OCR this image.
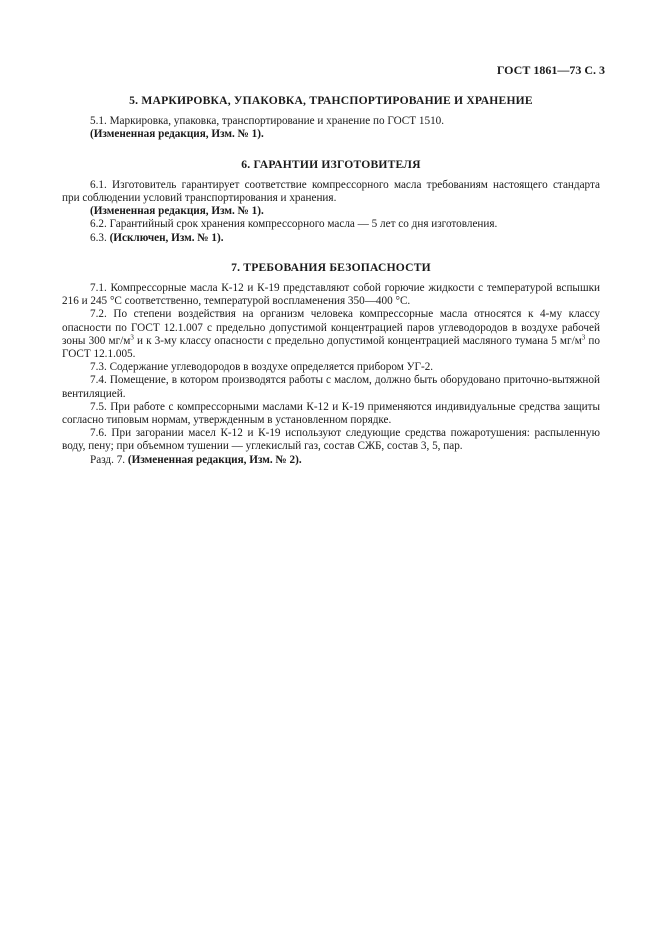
ГОСТ 1861—73 С. 3
5. МАРКИРОВКА, УПАКОВКА, ТРАНСПОРТИРОВАНИЕ И ХРАНЕНИЕ

5.1. Маркировка, упаковка, транспортирование и хранение по ГОСТ 1510.

(Измененная редакция, Изм. № 1).

6. ГАРАНТИИ ИЗГОТОВИТЕЛЯ

6.1. Изготовитель гарантирует соответствие компрессорного масла требованиям настоящего стандарта при соблюдении условий транспортирования и хранения.

(Измененная редакция, Изм. № 1).

6.2. Гарантийный срок хранения компрессорного масла — 5 лет со дня изготовления.

6.3. (Исключен, Изм. № 1).

7. ТРЕБОВАНИЯ БЕЗОПАСНОСТИ

7.1. Компрессорные масла К-12 и К-19 представляют собой горючие жидкости с температурой вспышки 216 и 245 °С соответственно, температурой воспламенения 350—400 °С.

7.2. По степени воздействия на организм человека компрессорные масла относятся к 4-му классу опасности по ГОСТ 12.1.007 с предельно допустимой концентрацией паров углеводородов в воздухе рабочей зоны 300 $мг/м^3$ и к 3-му классу опасности с предельно допустимой концентрацией масляного тумана 5 $мг/м^3$ по ГОСТ 12.1.005.

7.3. Содержание углеводородов в воздухе определяется прибором УГ-2.

7.4. Помещение, в котором производятся работы с маслом, должно быть оборудовано приточно-вытяжной вентиляцией.

7.5. При работе с компрессорными маслами К-12 и К-19 применяются индивидуальные средства защиты согласно типовым нормам, утвержденным в установленном порядке.

7.6. При загорании масел К-12 и К-19 используют следующие средства пожаротушения: распыленную воду, пену; при объемном тушении — углекислый газ, состав СЖБ, состав 3, 5, пар.

Разд. 7. (Измененная редакция, Изм. № 2).
